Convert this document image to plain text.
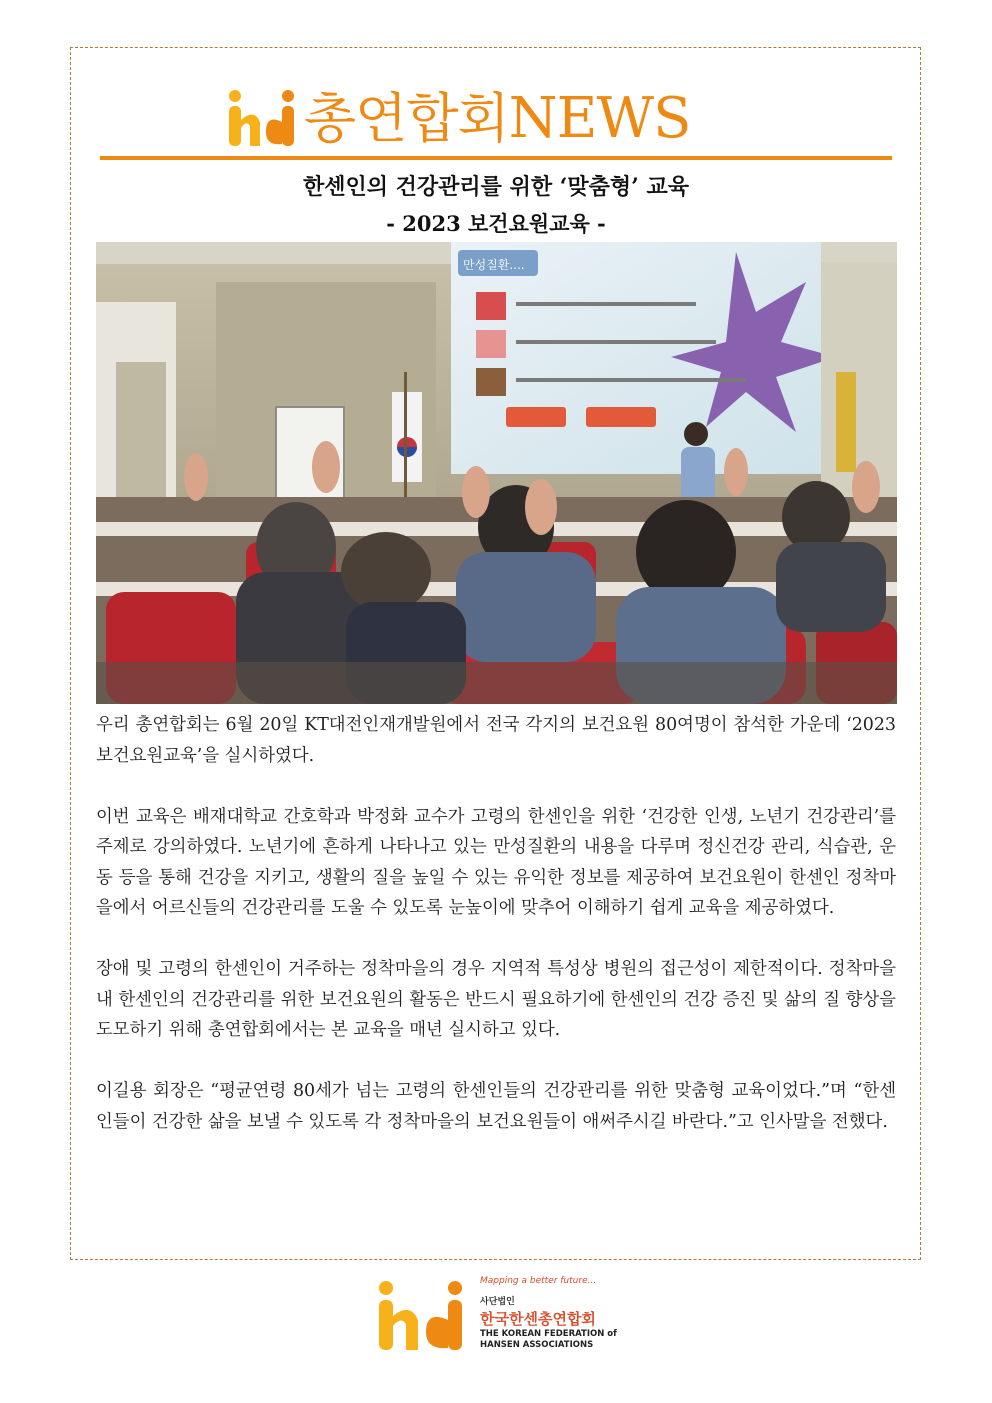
총연합회NEWS
한센인의 건강관리를 위한 ‘맞춤형’ 교육
- 2023 보건요원교육 -
만성질환....

우리 총연합회는 6월 20일 KT대전인재개발원에서 전국 각지의 보건요원 80여명이 참석한 가운데 ‘2023 보건요원교육’을 실시하였다.

이번 교육은 배재대학교 간호학과 박정화 교수가 고령의 한센인을 위한 ‘건강한 인생, 노년기 건강관리’를 주제로 강의하였다. 노년기에 흔하게 나타나고 있는 만성질환의 내용을 다루며 정신건강 관리, 식습관, 운동 등을 통해 건강을 지키고, 생활의 질을 높일 수 있는 유익한 정보를 제공하여 보건요원이 한센인 정착마을에서 어르신들의 건강관리를 도울 수 있도록 눈높이에 맞추어 이해하기 쉽게 교육을 제공하였다.

장애 및 고령의 한센인이 거주하는 정착마을의 경우 지역적 특성상 병원의 접근성이 제한적이다. 정착마을 내 한센인의 건강관리를 위한 보건요원의 활동은 반드시 필요하기에 한센인의 건강 증진 및 삶의 질 향상을 도모하기 위해 총연합회에서는 본 교육을 매년 실시하고 있다.

이길용 회장은 “평균연령 80세가 넘는 고령의 한센인들의 건강관리를 위한 맞춤형 교육이었다.”며 “한센인들이 건강한 삶을 보낼 수 있도록 각 정착마을의 보건요원들이 애써주시길 바란다.”고 인사말을 전했다.

Mapping a better future...
사단법인
한국한센총연합회
THE KOREAN FEDERATION of
HANSEN ASSOCIATIONS
